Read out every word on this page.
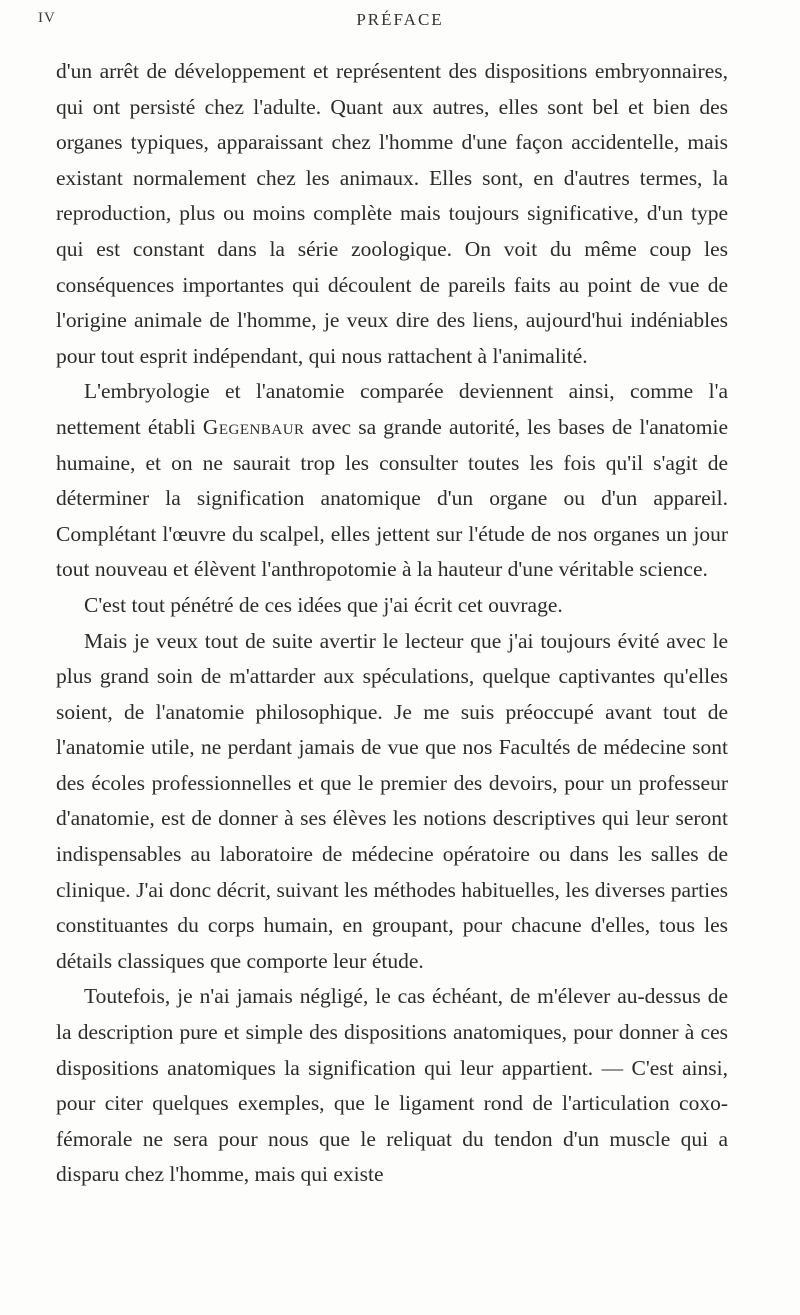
IV	PRÉFACE

d'un arrêt de développement et représentent des dispositions embryonnaires, qui ont persisté chez l'adulte. Quant aux autres, elles sont bel et bien des organes typiques, apparaissant chez l'homme d'une façon accidentelle, mais existant normalement chez les animaux. Elles sont, en d'autres termes, la reproduction, plus ou moins complète mais toujours significative, d'un type qui est constant dans la série zoologique. On voit du même coup les conséquences importantes qui découlent de pareils faits au point de vue de l'origine animale de l'homme, je veux dire des liens, aujourd'hui indéniables pour tout esprit indépendant, qui nous rattachent à l'animalité.

L'embryologie et l'anatomie comparée deviennent ainsi, comme l'a nettement établi Gegenbaur avec sa grande autorité, les bases de l'anatomie humaine, et on ne saurait trop les consulter toutes les fois qu'il s'agit de déterminer la signification anatomique d'un organe ou d'un appareil. Complétant l'œuvre du scalpel, elles jettent sur l'étude de nos organes un jour tout nouveau et élèvent l'anthropotomie à la hauteur d'une véritable science.

C'est tout pénétré de ces idées que j'ai écrit cet ouvrage.

Mais je veux tout de suite avertir le lecteur que j'ai toujours évité avec le plus grand soin de m'attarder aux spéculations, quelque captivantes qu'elles soient, de l'anatomie philosophique. Je me suis préoccupé avant tout de l'anatomie utile, ne perdant jamais de vue que nos Facultés de médecine sont des écoles professionnelles et que le premier des devoirs, pour un professeur d'anatomie, est de donner à ses élèves les notions descriptives qui leur seront indispensables au laboratoire de médecine opératoire ou dans les salles de clinique. J'ai donc décrit, suivant les méthodes habituelles, les diverses parties constituantes du corps humain, en groupant, pour chacune d'elles, tous les détails classiques que comporte leur étude.

Toutefois, je n'ai jamais négligé, le cas échéant, de m'élever au-dessus de la description pure et simple des dispositions anatomiques, pour donner à ces dispositions anatomiques la signification qui leur appartient. — C'est ainsi, pour citer quelques exemples, que le ligament rond de l'articulation coxo-fémorale ne sera pour nous que le reliquat du tendon d'un muscle qui a disparu chez l'homme, mais qui existe
